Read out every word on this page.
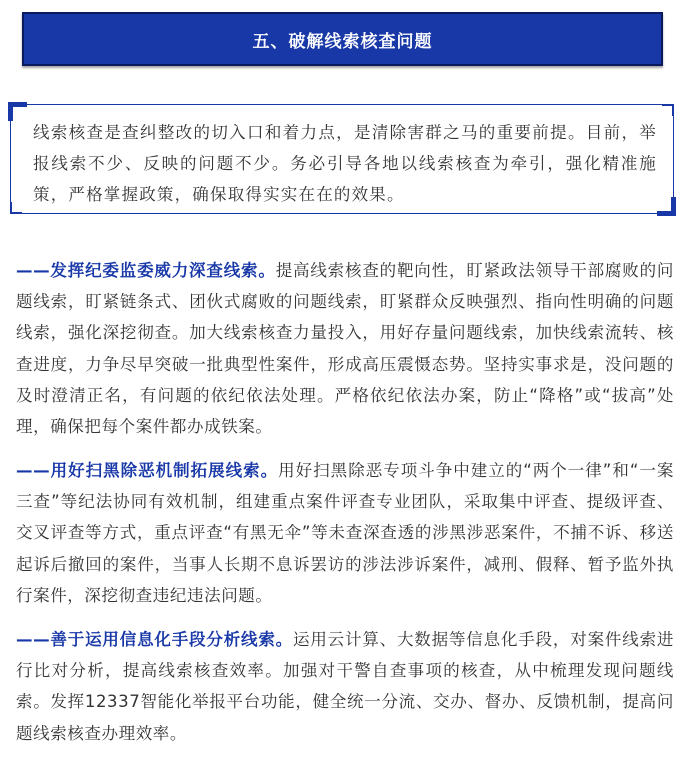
五、破解线索核查问题
线索核查是查纠整改的切入口和着力点，是清除害群之马的重要前提。目前，举报线索不少、反映的问题不少。务必引导各地以线索核查为牵引，强化精准施策，严格掌握政策，确保取得实实在在的效果。
——发挥纪委监委威力深查线索。提高线索核查的靶向性，盯紧政法领导干部腐败的问题线索，盯紧链条式、团伙式腐败的问题线索，盯紧群众反映强烈、指向性明确的问题线索，强化深挖彻查。加大线索核查力量投入，用好存量问题线索，加快线索流转、核查进度，力争尽早突破一批典型性案件，形成高压震慑态势。坚持实事求是，没问题的及时澄清正名，有问题的依纪依法处理。严格依纪依法办案，防止“降格”或“拔高”处理，确保把每个案件都办成铁案。
——用好扫黑除恶机制拓展线索。用好扫黑除恶专项斗争中建立的“两个一律”和“一案三查”等纪法协同有效机制，组建重点案件评查专业团队，采取集中评查、提级评查、交叉评查等方式，重点评查“有黑无伞”等未查深查透的涉黑涉恶案件，不捕不诉、移送起诉后撤回的案件，当事人长期不息诉罢访的涉法涉诉案件，减刑、假释、暂予监外执行案件，深挖彻查违纪违法问题。
——善于运用信息化手段分析线索。运用云计算、大数据等信息化手段，对案件线索进行比对分析，提高线索核查效率。加强对干警自查事项的核查，从中梳理发现问题线索。发挥12337智能化举报平台功能，健全统一分流、交办、督办、反馈机制，提高问题线索核查办理效率。
